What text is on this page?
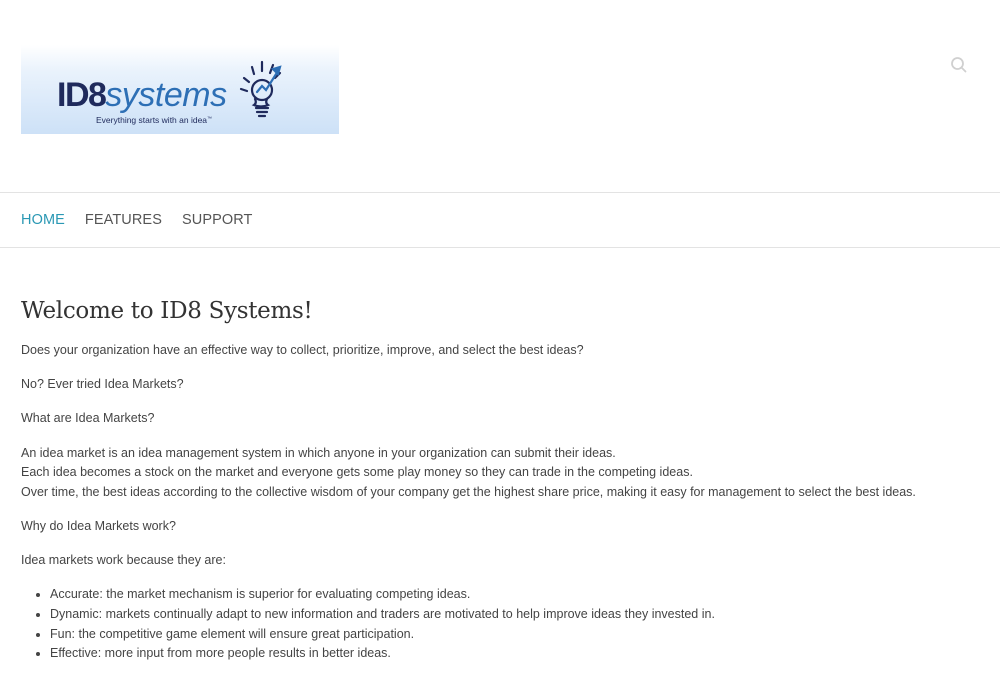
ID8systems
Everything starts with an idea™
HOME FEATURES SUPPORT
Welcome to ID8 Systems!

Does your organization have an effective way to collect, prioritize, improve, and select the best ideas?

No? Ever tried Idea Markets?

What are Idea Markets?

An idea market is an idea management system in which anyone in your organization can submit their ideas.
Each idea becomes a stock on the market and everyone gets some play money so they can trade in the competing ideas.
Over time, the best ideas according to the collective wisdom of your company get the highest share price, making it easy for management to select the best ideas.

Why do Idea Markets work?

Idea markets work because they are:

• Accurate: the market mechanism is superior for evaluating competing ideas.
• Dynamic: markets continually adapt to new information and traders are motivated to help improve ideas they invested in.
• Fun: the competitive game element will ensure great participation.
• Effective: more input from more people results in better ideas.
